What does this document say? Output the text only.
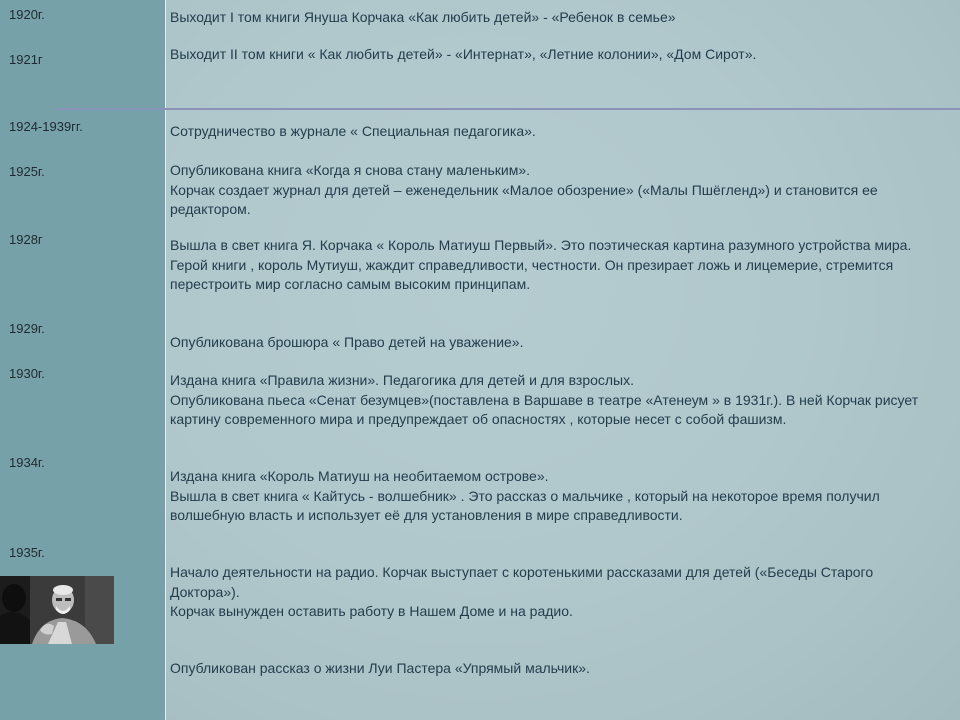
1920г.
1921г
1924-1939гг.
1925г.
1928г
1929г.
1930г.
1934г.
1935г.

Выходит I том книги Януша Корчака «Как любить детей» - «Ребенок в семье»

Выходит II том книги « Как любить детей» - «Интернат», «Летние колонии», «Дом Сирот».

Сотрудничество в журнале « Специальная педагогика».

Опубликована книга «Когда я снова стану маленьким».

Корчак создает журнал для детей – еженедельник «Малое обозрение» («Малы Пшёгленд») и становится ее редактором.

Вышла в свет книга Я. Корчака « Король Матиуш Первый». Это поэтическая картина разумного устройства мира. Герой книги , король Мутиуш, жаждит справедливости, честности. Он презирает ложь и лицемерие, стремится перестроить мир согласно самым высоким принципам.

Опубликована брошюра « Право детей на уважение».

Издана книга «Правила жизни». Педагогика для детей и для взрослых.

Опубликована пьеса «Сенат безумцев»(поставлена в Варшаве в театре «Атенеум » в 1931г.). В ней Корчак рисует картину современного мира и предупреждает об опасностях , которые несет с собой фашизм.

Издана книга «Король Матиуш на необитаемом острове».

Вышла в свет книга « Кайтусь - волшебник» . Это рассказ о мальчике , который на некоторое время получил волшебную власть и использует её для установления в мире справедливости.

Начало деятельности на радио. Корчак выступает с коротенькими рассказами для детей («Беседы Старого Доктора»).

Корчак вынужден оставить работу в Нашем Доме и на радио.

Опубликован рассказ о жизни Луи Пастера «Упрямый мальчик».
